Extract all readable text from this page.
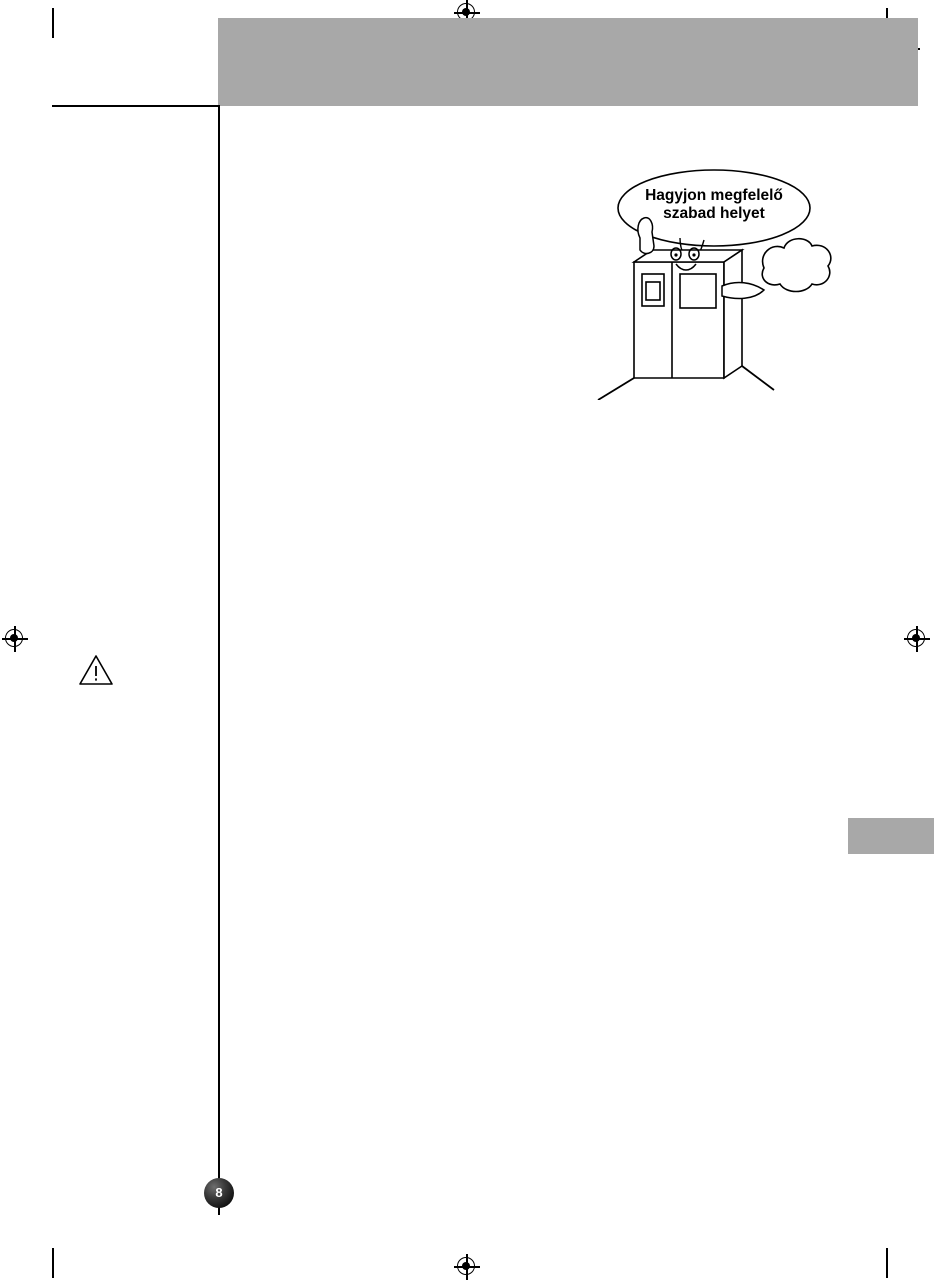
Hagyjon megfelelő
szabad helyet
8
